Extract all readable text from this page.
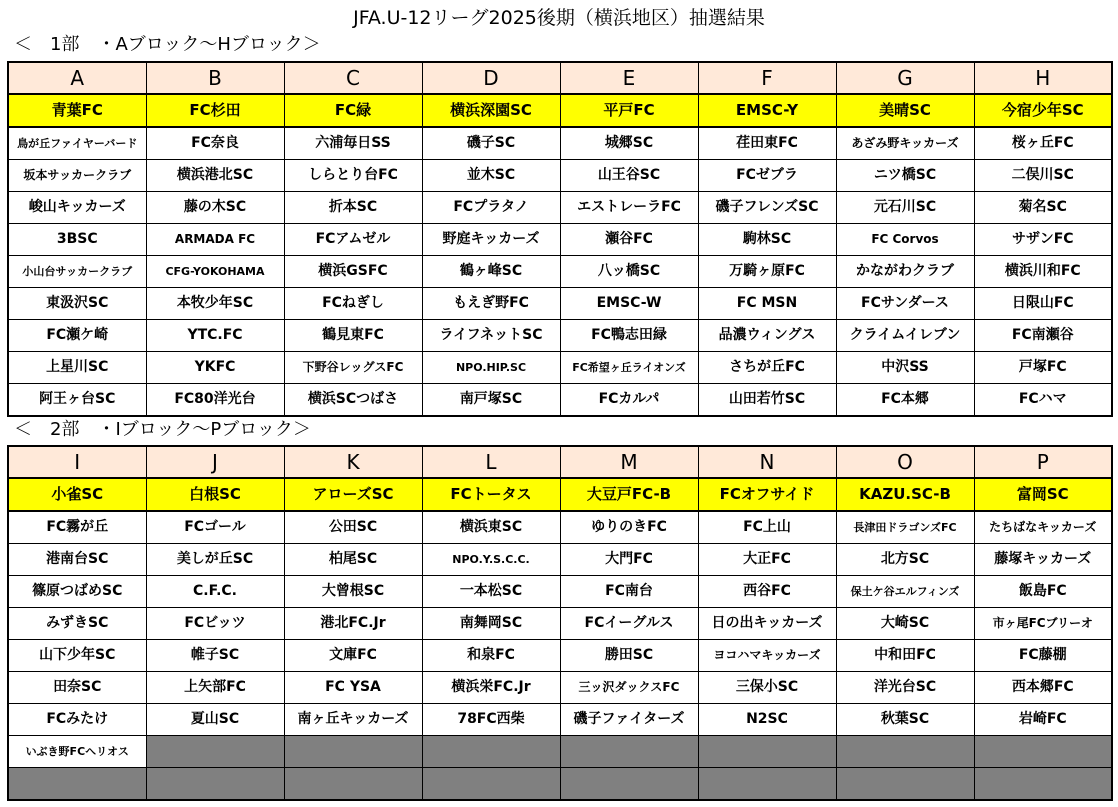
JFA.U-12リーグ2025後期（横浜地区）抽選結果
＜　1部　・Aブロック～Hブロック＞
A	B	C	D	E	F	G	H
青葉FC	FC杉田	FC緑	横浜深園SC	平戸FC	EMSC-Y	美晴SC	今宿少年SC
鳥が丘ファイヤーバード	FC奈良	六浦毎日SS	磯子SC	城郷SC	荏田東FC	あざみ野キッカーズ	桜ヶ丘FC
坂本サッカークラブ	横浜港北SC	しらとり台FC	並木SC	山王谷SC	FCゼブラ	ニツ橋SC	二俣川SC
峻山キッカーズ	藤の木SC	折本SC	FCプラタノ	エストレーラFC	磯子フレンズSC	元石川SC	菊名SC
3BSC	ARMADA FC	FCアムゼル	野庭キッカーズ	瀬谷FC	駒林SC	FC Corvos	サザンFC
小山台サッカークラブ	CFG-YOKOHAMA	横浜GSFC	鶴ヶ峰SC	八ッ橋SC	万騎ヶ原FC	かながわクラブ	横浜川和FC
東汲沢SC	本牧少年SC	FCねぎし	もえぎ野FC	EMSC-W	FC MSN	FCサンダース	日限山FC
FC瀬ケ崎	YTC.FC	鶴見東FC	ライフネットSC	FC鴨志田緑	品濃ウィングス	クライムイレブン	FC南瀬谷
上星川SC	YKFC	下野谷レッグスFC	NPO.HIP.SC	FC希望ヶ丘ライオンズ	さちが丘FC	中沢SS	戸塚FC
阿王ヶ台SC	FC80洋光台	横浜SCつばさ	南戸塚SC	FCカルパ	山田若竹SC	FC本郷	FCハマ
＜　2部　・Iブロック～Pブロック＞
I	J	K	L	M	N	O	P
小雀SC	白根SC	アローズSC	FCトータス	大豆戸FC-B	FCオフサイド	KAZU.SC-B	富岡SC
FC霧が丘	FCゴール	公田SC	横浜東SC	ゆりのきFC	FC上山	長津田ドラゴンズFC	たちばなキッカーズ
港南台SC	美しが丘SC	柏尾SC	NPO.Y.S.C.C.	大門FC	大正FC	北方SC	藤塚キッカーズ
篠原つばめSC	C.F.C.	大曾根SC	一本松SC	FC南台	西谷FC	保土ケ谷エルフィンズ	飯島FC
みずきSC	FCビッツ	港北FC.Jr	南舞岡SC	FCイーグルス	日の出キッカーズ	大崎SC	市ヶ尾FCブリーオ
山下少年SC	帷子SC	文庫FC	和泉FC	勝田SC	ヨコハマキッカーズ	中和田FC	FC藤棚
田奈SC	上矢部FC	FC YSA	横浜栄FC.Jr	三ッ沢ダックスFC	三保小SC	洋光台SC	西本郷FC
FCみたけ	夏山SC	南ヶ丘キッカーズ	78FC西柴	磯子ファイターズ	N2SC	秋葉SC	岩崎FC
いぶき野FCヘリオス							
